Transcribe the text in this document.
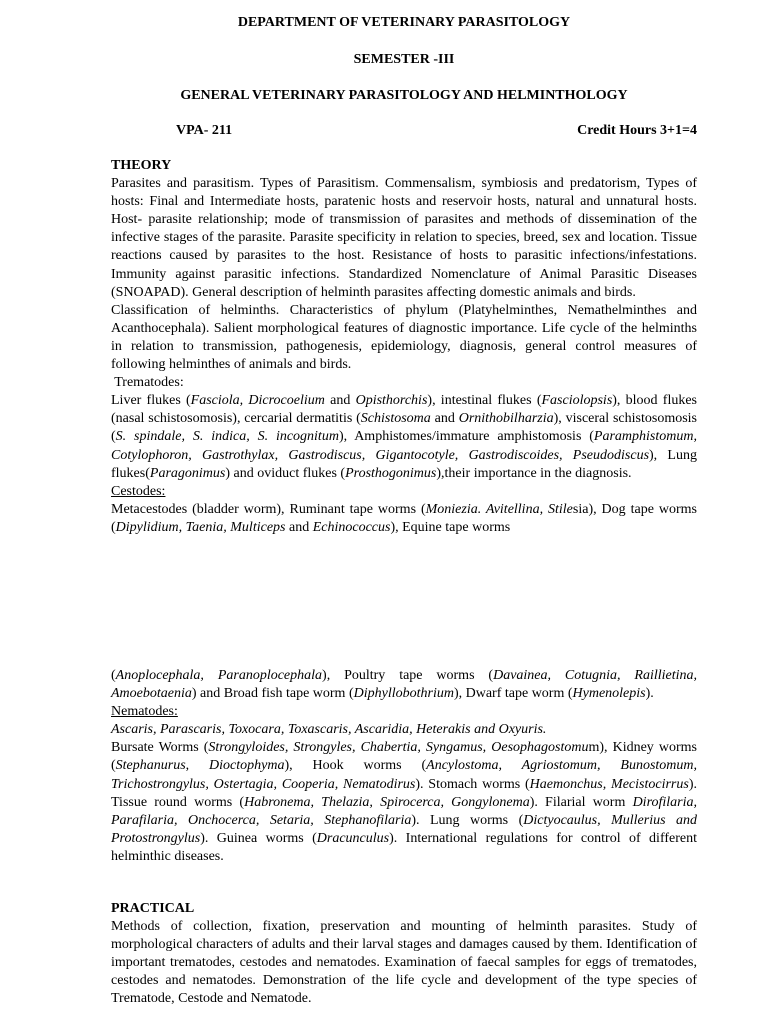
DEPARTMENT OF VETERINARY PARASITOLOGY
SEMESTER -III
GENERAL VETERINARY PARASITOLOGY AND HELMINTHOLOGY
VPA- 211	Credit Hours 3+1=4
THEORY

Parasites and parasitism. Types of Parasitism. Commensalism, symbiosis and predatorism, Types of hosts: Final and Intermediate hosts, paratenic hosts and reservoir hosts, natural and unnatural hosts. Host- parasite relationship; mode of transmission of parasites and methods of dissemination of the infective stages of the parasite. Parasite specificity in relation to species, breed, sex and location. Tissue reactions caused by parasites to the host. Resistance of hosts to parasitic infections/infestations. Immunity against parasitic infections. Standardized Nomenclature of Animal Parasitic Diseases (SNOAPAD). General description of helminth parasites affecting domestic animals and birds.

Classification of helminths. Characteristics of phylum (Platyhelminthes, Nemathelminthes and Acanthocephala). Salient morphological features of diagnostic importance. Life cycle of the helminths in relation to transmission, pathogenesis, epidemiology, diagnosis, general control measures of following helminthes of animals and birds.

Trematodes:

Liver flukes (Fasciola, Dicrocoelium and Opisthorchis), intestinal flukes (Fasciolopsis), blood flukes (nasal schistosomosis), cercarial dermatitis (Schistosoma and Ornithobilharzia), visceral schistosomosis (S. spindale, S. indica, S. incognitum), Amphistomes/immature amphistomosis (Paramphistomum, Cotylophoron, Gastrothylax, Gastrodiscus, Gigantocotyle, Gastrodiscoides, Pseudodiscus), Lung flukes(Paragonimus) and oviduct flukes (Prosthogonimus),their importance in the diagnosis.

Cestodes:

Metacestodes (bladder worm), Ruminant tape worms (Moniezia. Avitellina, Stilesia), Dog tape worms (Dipylidium, Taenia, Multiceps and Echinococcus), Equine tape worms

(Anoplocephala, Paranoplocephala), Poultry tape worms (Davainea, Cotugnia, Raillietina, Amoebotaenia) and Broad fish tape worm (Diphyllobothrium), Dwarf tape worm (Hymenolepis).

Nematodes:
Ascaris, Parascaris, Toxocara, Toxascaris, Ascaridia, Heterakis and Oxyuris.

Bursate Worms (Strongyloides, Strongyles, Chabertia, Syngamus, Oesophagostomum), Kidney worms (Stephanurus, Dioctophyma), Hook worms (Ancylostoma, Agriostomum, Bunostomum, Trichostrongylus, Ostertagia, Cooperia, Nematodirus). Stomach worms (Haemonchus, Mecistocirrus). Tissue round worms (Habronema, Thelazia, Spirocerca, Gongylonema). Filarial worm Dirofilaria, Parafilaria, Onchocerca, Setaria, Stephanofilaria). Lung worms (Dictyocaulus, Mullerius and Protostrongylus). Guinea worms (Dracunculus). International regulations for control of different helminthic diseases.

PRACTICAL

Methods of collection, fixation, preservation and mounting of helminth parasites. Study of morphological characters of adults and their larval stages and damages caused by them. Identification of important trematodes, cestodes and nematodes. Examination of faecal samples for eggs of trematodes, cestodes and nematodes. Demonstration of the life cycle and development of the type species of Trematode, Cestode and Nematode.
